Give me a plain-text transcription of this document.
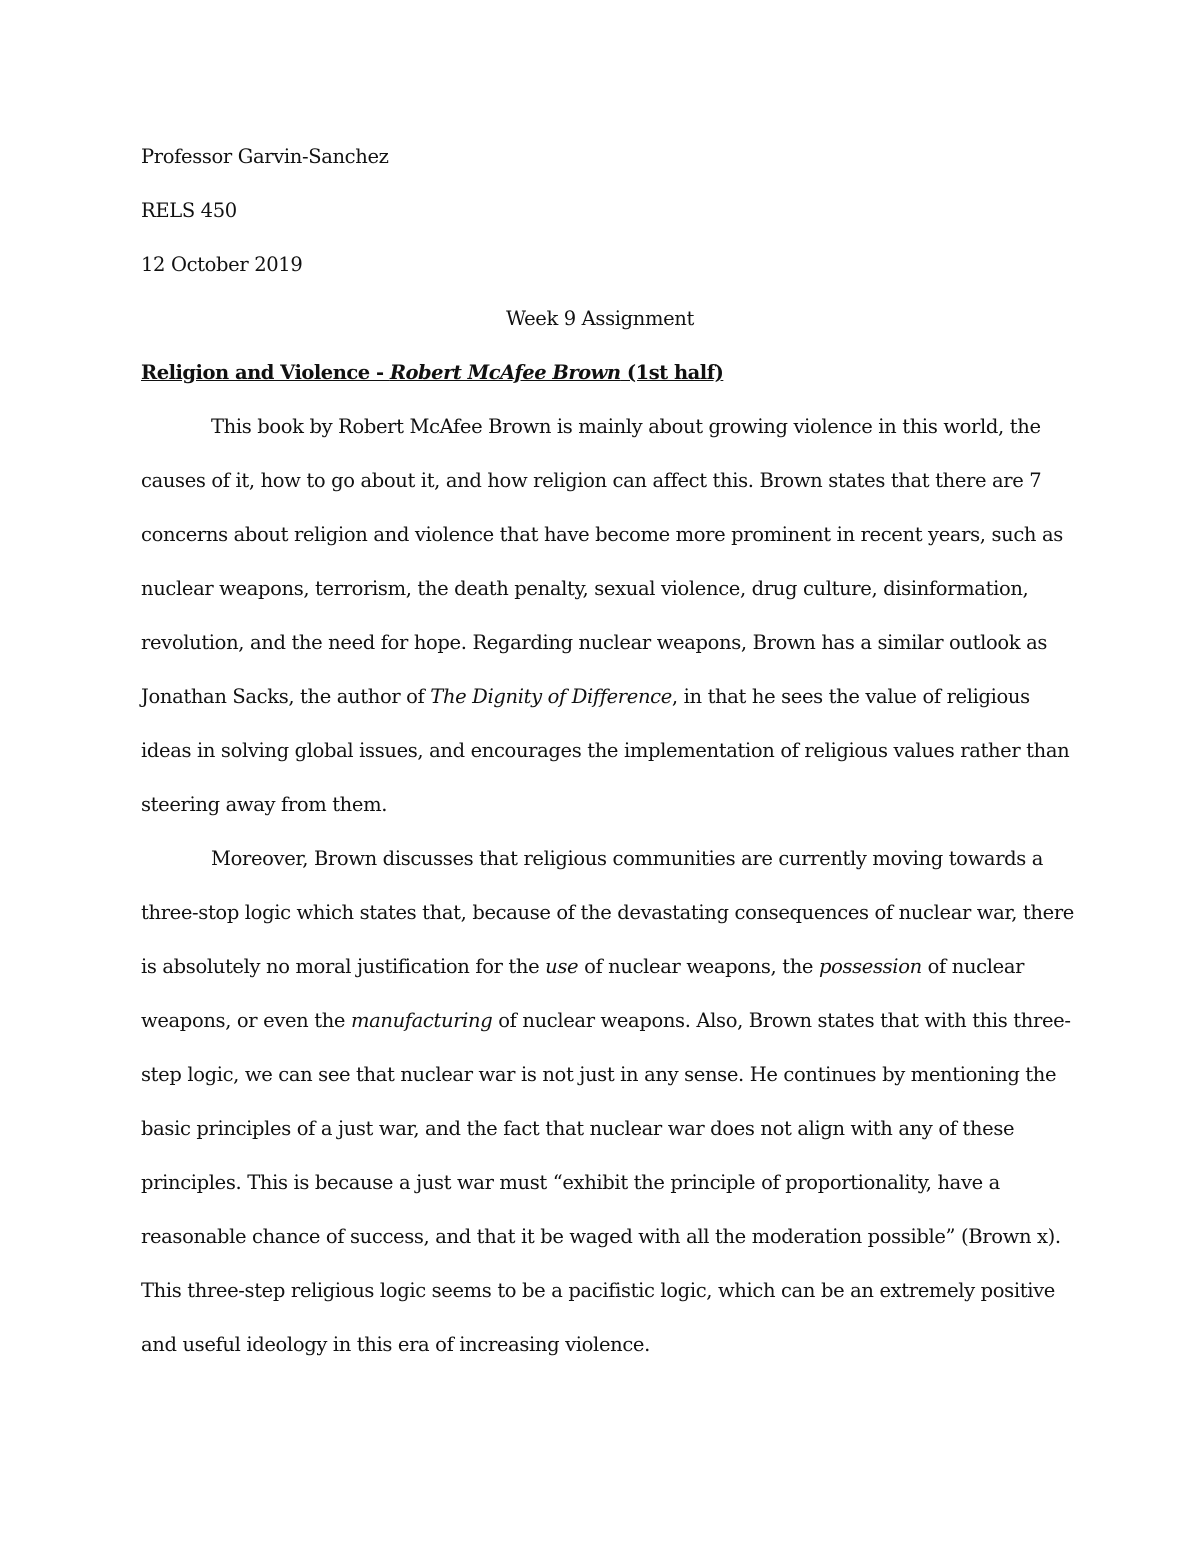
Professor Garvin-Sanchez
RELS 450
12 October 2019
Week 9 Assignment
Religion and Violence - Robert McAfee Brown (1st half)
This book by Robert McAfee Brown is mainly about growing violence in this world, the
causes of it, how to go about it, and how religion can affect this. Brown states that there are 7
concerns about religion and violence that have become more prominent in recent years, such as
nuclear weapons, terrorism, the death penalty, sexual violence, drug culture, disinformation,
revolution, and the need for hope. Regarding nuclear weapons, Brown has a similar outlook as
Jonathan Sacks, the author of The Dignity of Difference, in that he sees the value of religious
ideas in solving global issues, and encourages the implementation of religious values rather than
steering away from them.
Moreover, Brown discusses that religious communities are currently moving towards a
three-stop logic which states that, because of the devastating consequences of nuclear war, there
is absolutely no moral justification for the use of nuclear weapons, the possession of nuclear
weapons, or even the manufacturing of nuclear weapons. Also, Brown states that with this three-
step logic, we can see that nuclear war is not just in any sense. He continues by mentioning the
basic principles of a just war, and the fact that nuclear war does not align with any of these
principles. This is because a just war must “exhibit the principle of proportionality, have a
reasonable chance of success, and that it be waged with all the moderation possible” (Brown x).
This three-step religious logic seems to be a pacifistic logic, which can be an extremely positive
and useful ideology in this era of increasing violence.
